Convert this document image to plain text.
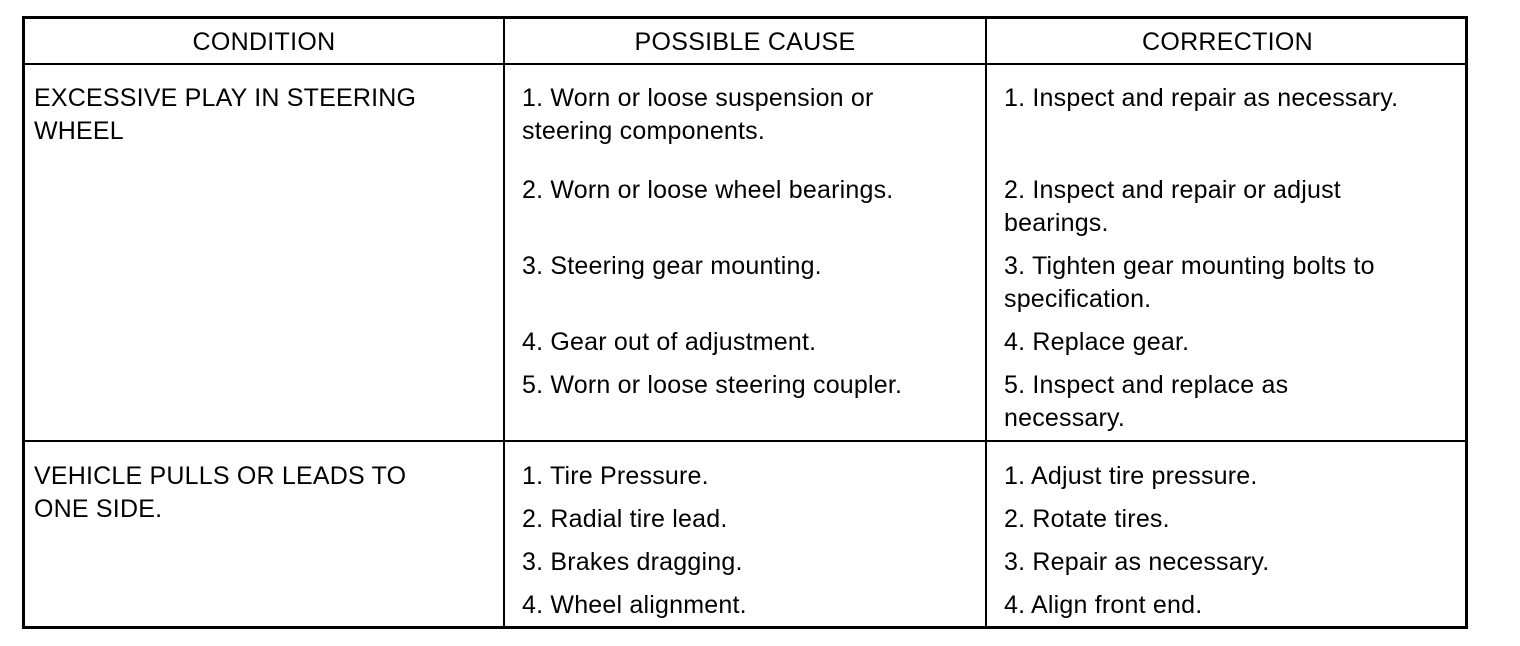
CONDITION	POSSIBLE CAUSE	CORRECTION
EXCESSIVE PLAY IN STEERING
WHEEL
1. Worn or loose suspension or
steering components.
2. Worn or loose wheel bearings.
3. Steering gear mounting.
4. Gear out of adjustment.
5. Worn or loose steering coupler.
1. Inspect and repair as necessary.
2. Inspect and repair or adjust
bearings.
3. Tighten gear mounting bolts to
specification.
4. Replace gear.
5. Inspect and replace as
necessary.
VEHICLE PULLS OR LEADS TO
ONE SIDE.
1. Tire Pressure.
2. Radial tire lead.
3. Brakes dragging.
4. Wheel alignment.
1. Adjust tire pressure.
2. Rotate tires.
3. Repair as necessary.
4. Align front end.
